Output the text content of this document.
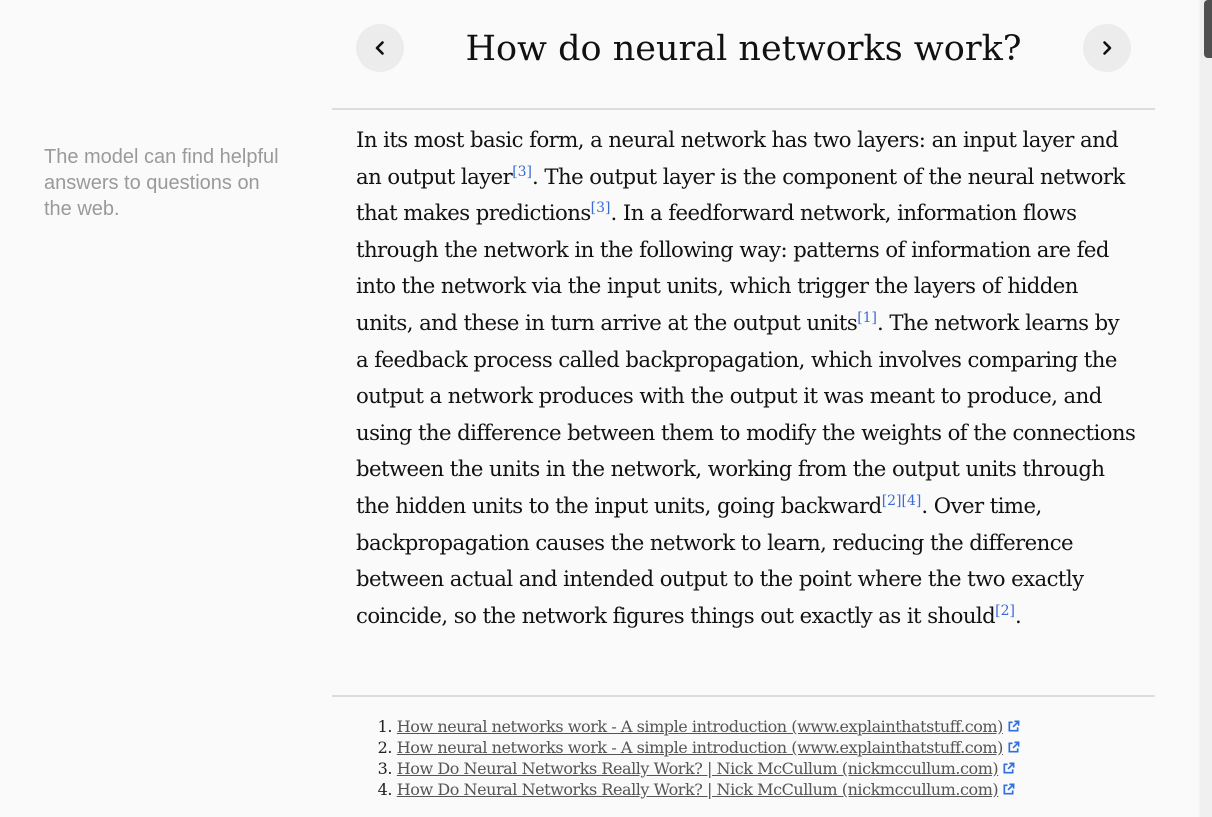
The model can find helpful answers to questions on the web.
How do neural networks work?

In its most basic form, a neural network has two layers: an input layer and an output layer[3]. The output layer is the component of the neural network that makes predictions[3]. In a feedforward network, information flows through the network in the following way: patterns of information are fed into the network via the input units, which trigger the layers of hidden units, and these in turn arrive at the output units[1]. The network learns by a feedback process called backpropagation, which involves comparing the output a network produces with the output it was meant to produce, and using the difference between them to modify the weights of the connections between the units in the network, working from the output units through the hidden units to the input units, going backward[2][4]. Over time, backpropagation causes the network to learn, reducing the difference between actual and intended output to the point where the two exactly coincide, so the network figures things out exactly as it should[2].

1. How neural networks work - A simple introduction (www.explainthatstuff.com)
2. How neural networks work - A simple introduction (www.explainthatstuff.com)
3. How Do Neural Networks Really Work? | Nick McCullum (nickmccullum.com)
4. How Do Neural Networks Really Work? | Nick McCullum (nickmccullum.com)
